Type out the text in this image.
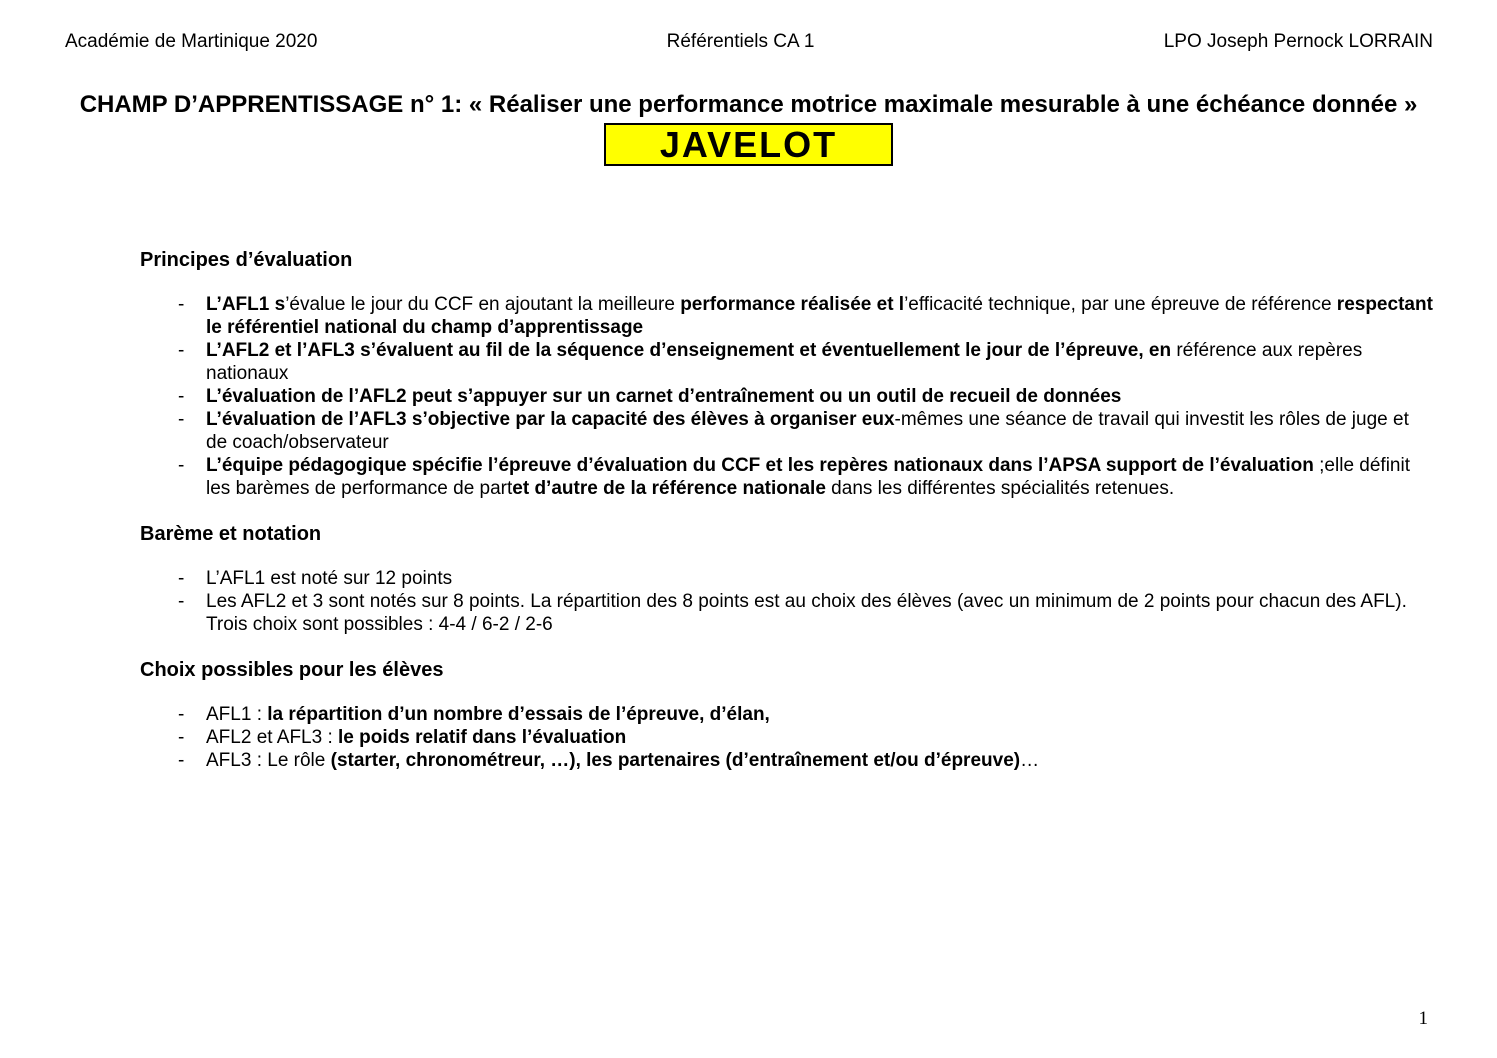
Académie de Martinique 2020	Référentiels CA 1	LPO Joseph Pernock LORRAIN
CHAMP D’APPRENTISSAGE n° 1: « Réaliser une performance motrice maximale mesurable à une échéance donnée »
JAVELOT
Principes d’évaluation
-	L’AFL1 s’évalue le jour du CCF en ajoutant la meilleure performance réalisée et l’efficacité technique, par une épreuve de référence respectant le référentiel national du champ d’apprentissage
-	L’AFL2 et l’AFL3 s’évaluent au fil de la séquence d’enseignement et éventuellement le jour de l’épreuve, en référence aux repères nationaux
-	L’évaluation de l’AFL2 peut s’appuyer sur un carnet d’entraînement ou un outil de recueil de données
-	L’évaluation de l’AFL3 s’objective par la capacité des élèves à organiser eux-mêmes une séance de travail qui investit les rôles de juge et de coach/observateur
-	L’équipe pédagogique spécifie l’épreuve d’évaluation du CCF et les repères nationaux dans l’APSA support de l’évaluation ;elle définit les barèmes de performance de partet d’autre de la référence nationale dans les différentes spécialités retenues.
Barème et notation
-	L’AFL1 est noté sur 12 points
-	Les AFL2 et 3 sont notés sur 8 points. La répartition des 8 points est au choix des élèves (avec un minimum de 2 points pour chacun des AFL). Trois choix sont possibles : 4-4 / 6-2 / 2-6
Choix possibles pour les élèves
-	AFL1 : la répartition d’un nombre d’essais de l’épreuve, d’élan,
-	AFL2 et AFL3 : le poids relatif dans l’évaluation
-	AFL3 : Le rôle (starter, chronométreur, …), les partenaires (d’entraînement et/ou d’épreuve)…
1
